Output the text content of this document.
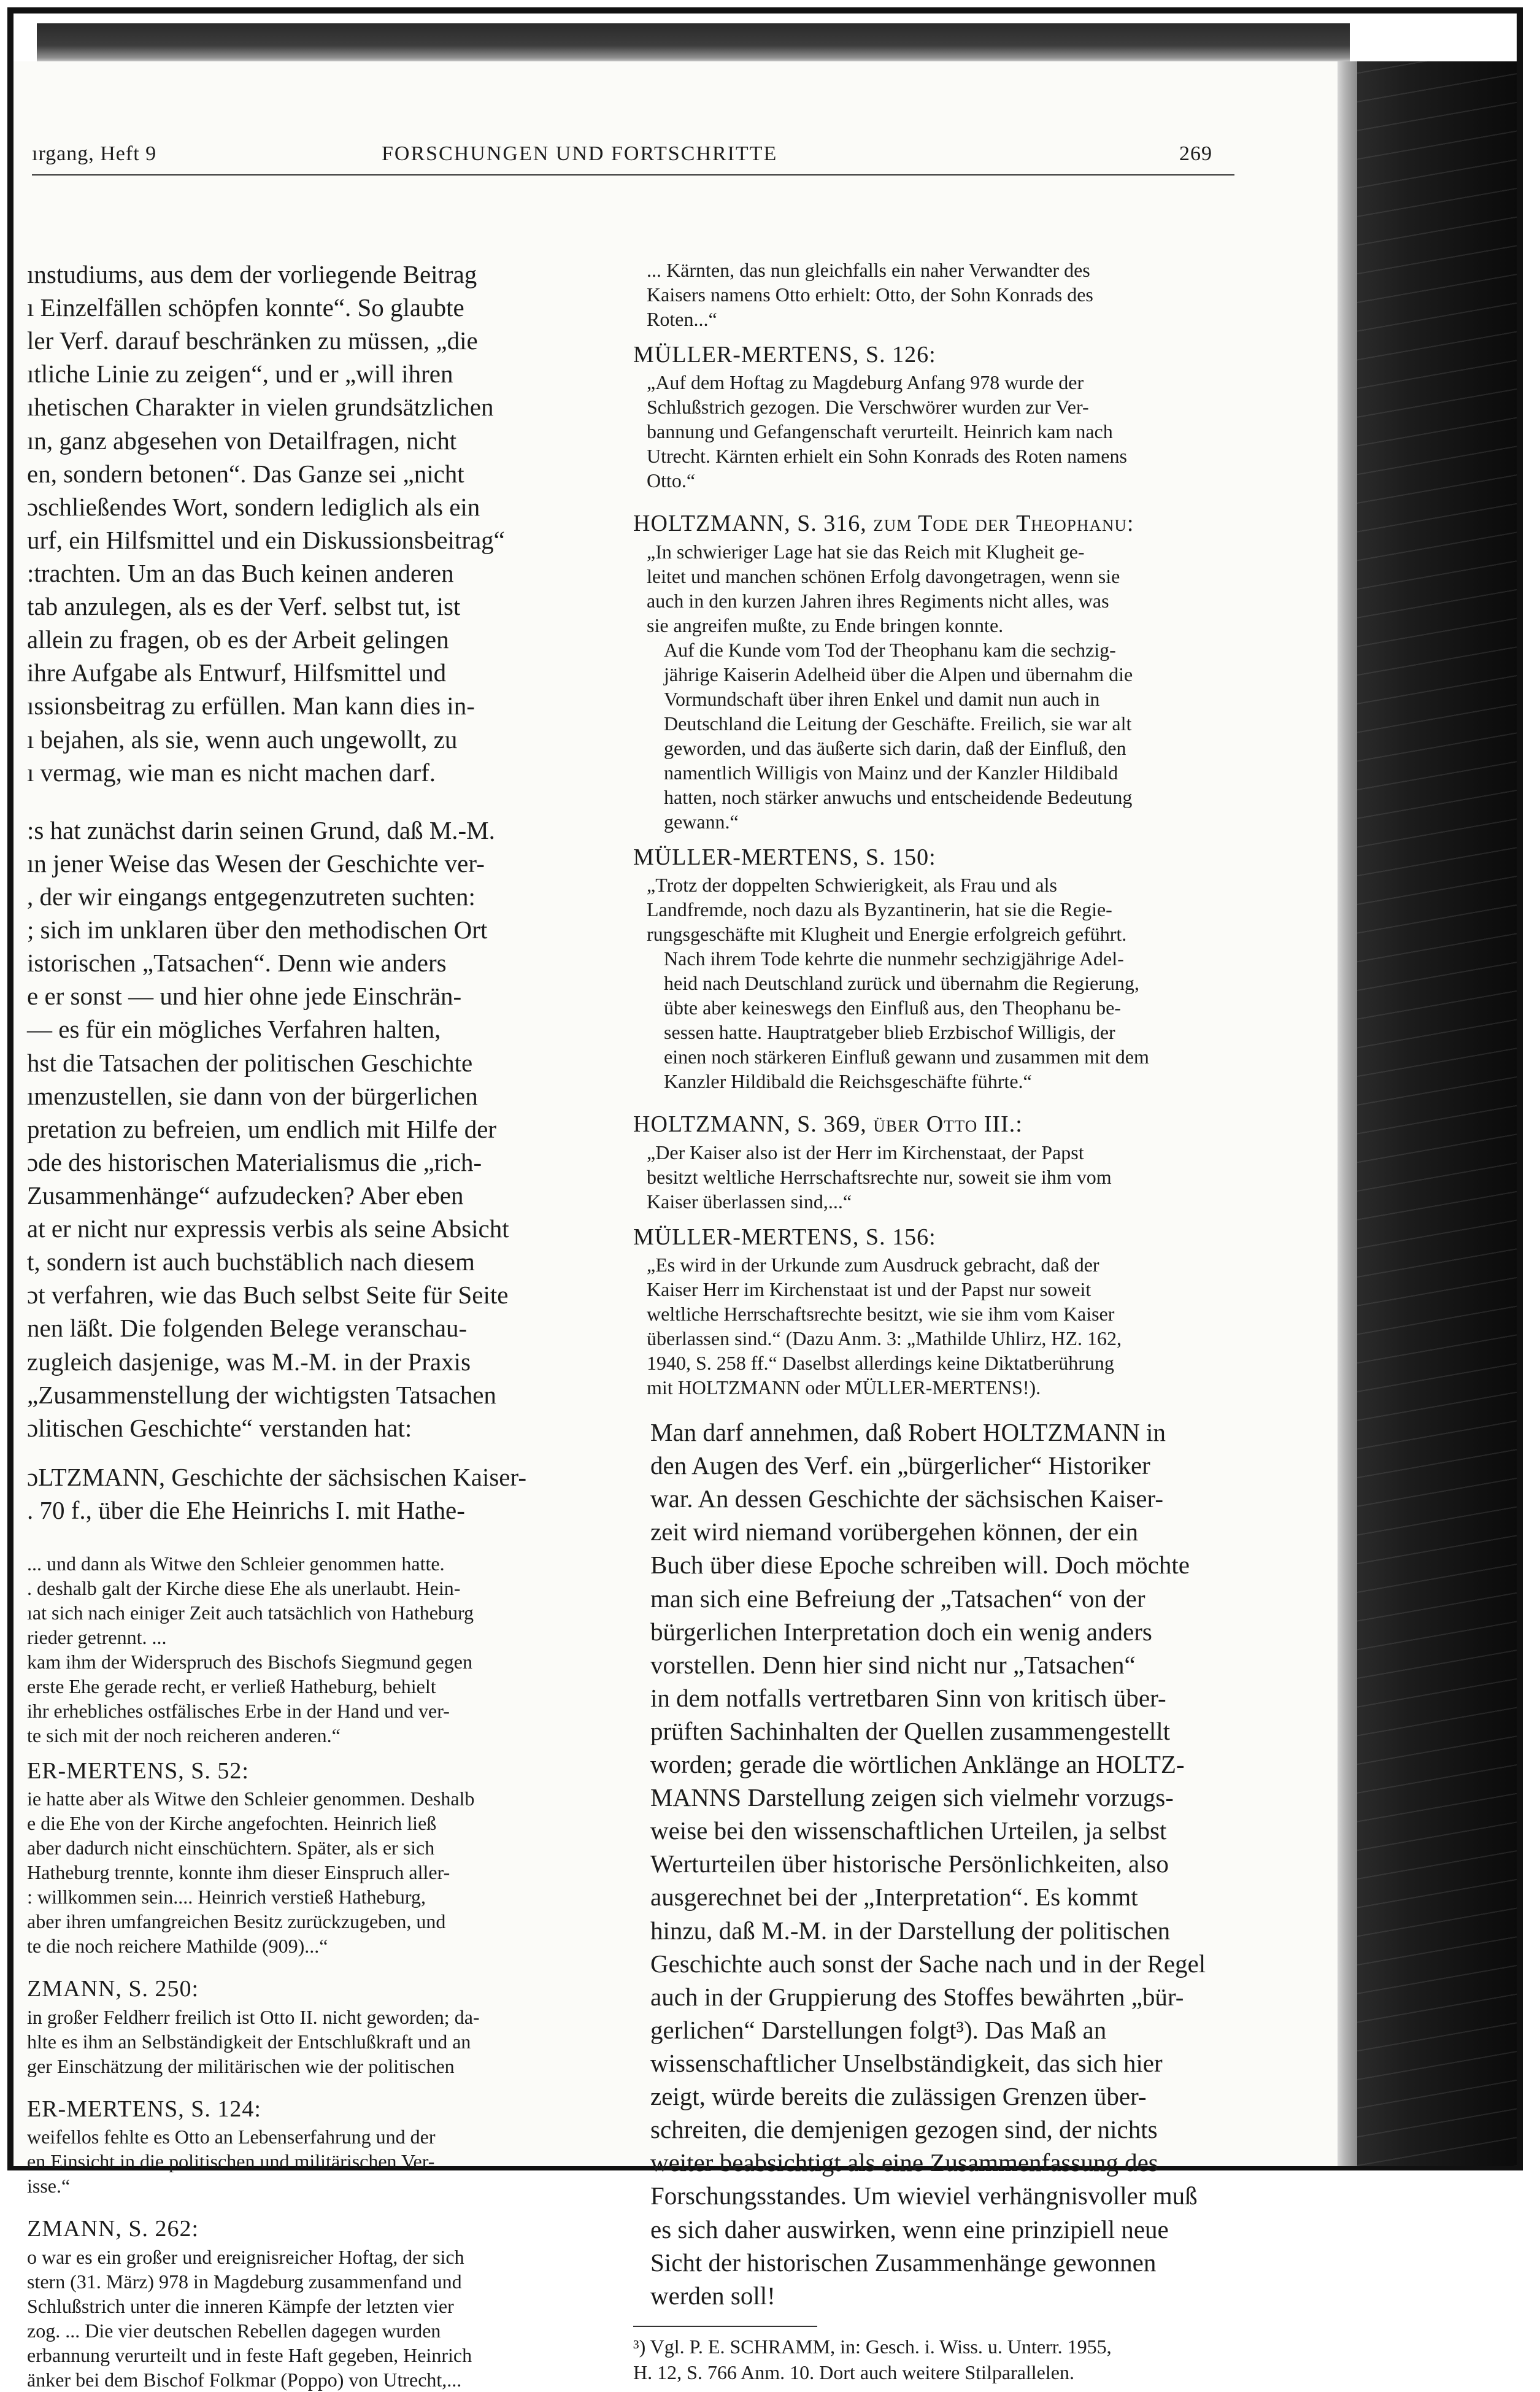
ırgang, Heft 9	FORSCHUNGEN UND FORTSCHRITTE	269
ınstudiums, aus dem der vorliegende Beitrag
ı Einzelfällen schöpfen konnte“. So glaubte
ler Verf. darauf beschränken zu müssen, „die
ıtliche Linie zu zeigen“, und er „will ihren
ıhetischen Charakter in vielen grundsätzlichen
ın, ganz abgesehen von Detailfragen, nicht
en, sondern betonen“. Das Ganze sei „nicht
ɔschließendes Wort, sondern lediglich als ein
urf, ein Hilfsmittel und ein Diskussionsbeitrag“
:trachten. Um an das Buch keinen anderen
tab anzulegen, als es der Verf. selbst tut, ist
allein zu fragen, ob es der Arbeit gelingen
ihre Aufgabe als Entwurf, Hilfsmittel und
ıssionsbeitrag zu erfüllen. Man kann dies in-
ı bejahen, als sie, wenn auch ungewollt, zu
ı vermag, wie man es nicht machen darf.
:s hat zunächst darin seinen Grund, daß M.-M.
ın jener Weise das Wesen der Geschichte ver-
, der wir eingangs entgegenzutreten suchten:
; sich im unklaren über den methodischen Ort
istorischen „Tatsachen“. Denn wie anders
e er sonst — und hier ohne jede Einschrän-
— es für ein mögliches Verfahren halten,
hst die Tatsachen der politischen Geschichte
ımenzustellen, sie dann von der bürgerlichen
pretation zu befreien, um endlich mit Hilfe der
ɔde des historischen Materialismus die „rich-
Zusammenhänge“ aufzudecken? Aber eben
at er nicht nur expressis verbis als seine Absicht
t, sondern ist auch buchstäblich nach diesem
ɔt verfahren, wie das Buch selbst Seite für Seite
nen läßt. Die folgenden Belege veranschau-
zugleich dasjenige, was M.-M. in der Praxis
„Zusammenstellung der wichtigsten Tatsachen
ɔlitischen Geschichte“ verstanden hat:
ɔLTZMANN, Geschichte der sächsischen Kaiser-
. 70 f., über die Ehe Heinrichs I. mit Hathe-
... und dann als Witwe den Schleier genommen hatte.
. deshalb galt der Kirche diese Ehe als unerlaubt. Hein-
ıat sich nach einiger Zeit auch tatsächlich von Hatheburg
rieder getrennt. ...
kam ihm der Widerspruch des Bischofs Siegmund gegen
erste Ehe gerade recht, er verließ Hatheburg, behielt
ihr erhebliches ostfälisches Erbe in der Hand und ver-
te sich mit der noch reicheren anderen.“
ER-MERTENS, S. 52:
ie hatte aber als Witwe den Schleier genommen. Deshalb
e die Ehe von der Kirche angefochten. Heinrich ließ
aber dadurch nicht einschüchtern. Später, als er sich
Hatheburg trennte, konnte ihm dieser Einspruch aller-
: willkommen sein.... Heinrich verstieß Hatheburg,
aber ihren umfangreichen Besitz zurückzugeben, und
te die noch reichere Mathilde (909)...“
ZMANN, S. 250:
in großer Feldherr freilich ist Otto II. nicht geworden; da-
hlte es ihm an Selbständigkeit der Entschlußkraft und an
ger Einschätzung der militärischen wie der politischen
ER-MERTENS, S. 124:
weifellos fehlte es Otto an Lebenserfahrung und der
en Einsicht in die politischen und militärischen Ver-
isse.“
ZMANN, S. 262:
o war es ein großer und ereignisreicher Hoftag, der sich
stern (31. März) 978 in Magdeburg zusammenfand und
Schlußstrich unter die inneren Kämpfe der letzten vier
zog. ... Die vier deutschen Rebellen dagegen wurden
erbannung verurteilt und in feste Haft gegeben, Heinrich
änker bei dem Bischof Folkmar (Poppo) von Utrecht,...
... Kärnten, das nun gleichfalls ein naher Verwandter des
Kaisers namens Otto erhielt: Otto, der Sohn Konrads des
Roten...“
MÜLLER-MERTENS, S. 126:
„Auf dem Hoftag zu Magdeburg Anfang 978 wurde der
Schlußstrich gezogen. Die Verschwörer wurden zur Ver-
bannung und Gefangenschaft verurteilt. Heinrich kam nach
Utrecht. Kärnten erhielt ein Sohn Konrads des Roten namens
Otto.“
HOLTZMANN, S. 316, zum Tode der Theophanu:
„In schwieriger Lage hat sie das Reich mit Klugheit ge-
leitet und manchen schönen Erfolg davongetragen, wenn sie
auch in den kurzen Jahren ihres Regiments nicht alles, was
sie angreifen mußte, zu Ende bringen konnte.
Auf die Kunde vom Tod der Theophanu kam die sechzig-
jährige Kaiserin Adelheid über die Alpen und übernahm die
Vormundschaft über ihren Enkel und damit nun auch in
Deutschland die Leitung der Geschäfte. Freilich, sie war alt
geworden, und das äußerte sich darin, daß der Einfluß, den
namentlich Willigis von Mainz und der Kanzler Hildibald
hatten, noch stärker anwuchs und entscheidende Bedeutung
gewann.“
MÜLLER-MERTENS, S. 150:
„Trotz der doppelten Schwierigkeit, als Frau und als
Landfremde, noch dazu als Byzantinerin, hat sie die Regie-
rungsgeschäfte mit Klugheit und Energie erfolgreich geführt.
Nach ihrem Tode kehrte die nunmehr sechzigjährige Adel-
heid nach Deutschland zurück und übernahm die Regierung,
übte aber keineswegs den Einfluß aus, den Theophanu be-
sessen hatte. Hauptratgeber blieb Erzbischof Willigis, der
einen noch stärkeren Einfluß gewann und zusammen mit dem
Kanzler Hildibald die Reichsgeschäfte führte.“
HOLTZMANN, S. 369, über Otto III.:
„Der Kaiser also ist der Herr im Kirchenstaat, der Papst
besitzt weltliche Herrschaftsrechte nur, soweit sie ihm vom
Kaiser überlassen sind,...“
MÜLLER-MERTENS, S. 156:
„Es wird in der Urkunde zum Ausdruck gebracht, daß der
Kaiser Herr im Kirchenstaat ist und der Papst nur soweit
weltliche Herrschaftsrechte besitzt, wie sie ihm vom Kaiser
überlassen sind.“ (Dazu Anm. 3: „Mathilde Uhlirz, HZ. 162,
1940, S. 258 ff.“ Daselbst allerdings keine Diktatberührung
mit HOLTZMANN oder MÜLLER-MERTENS!).
Man darf annehmen, daß Robert HOLTZMANN in
den Augen des Verf. ein „bürgerlicher“ Historiker
war. An dessen Geschichte der sächsischen Kaiser-
zeit wird niemand vorübergehen können, der ein
Buch über diese Epoche schreiben will. Doch möchte
man sich eine Befreiung der „Tatsachen“ von der
bürgerlichen Interpretation doch ein wenig anders
vorstellen. Denn hier sind nicht nur „Tatsachen“
in dem notfalls vertretbaren Sinn von kritisch über-
prüften Sachinhalten der Quellen zusammengestellt
worden; gerade die wörtlichen Anklänge an HOLTZ-
MANNS Darstellung zeigen sich vielmehr vorzugs-
weise bei den wissenschaftlichen Urteilen, ja selbst
Werturteilen über historische Persönlichkeiten, also
ausgerechnet bei der „Interpretation“. Es kommt
hinzu, daß M.-M. in der Darstellung der politischen
Geschichte auch sonst der Sache nach und in der Regel
auch in der Gruppierung des Stoffes bewährten „bür-
gerlichen“ Darstellungen folgt³). Das Maß an
wissenschaftlicher Unselbständigkeit, das sich hier
zeigt, würde bereits die zulässigen Grenzen über-
schreiten, die demjenigen gezogen sind, der nichts
weiter beabsichtigt als eine Zusammenfassung des
Forschungsstandes. Um wieviel verhängnisvoller muß
es sich daher auswirken, wenn eine prinzipiell neue
Sicht der historischen Zusammenhänge gewonnen
werden soll!
³) Vgl. P. E. SCHRAMM, in: Gesch. i. Wiss. u. Unterr. 1955,
H. 12, S. 766 Anm. 10. Dort auch weitere Stilparallelen.
